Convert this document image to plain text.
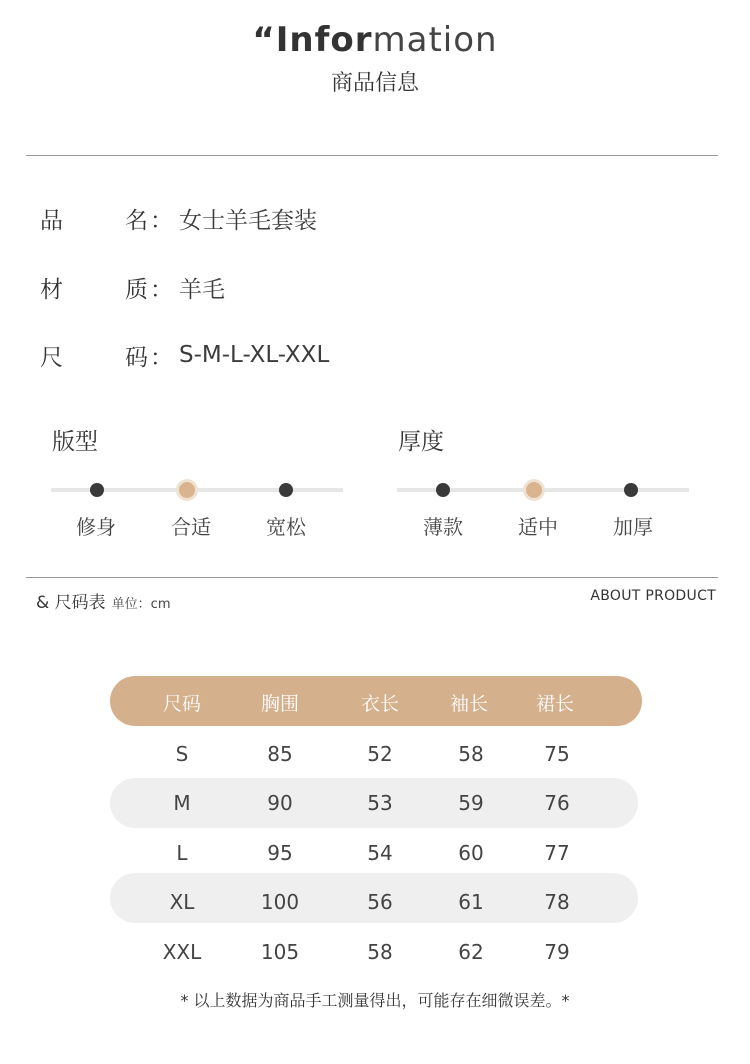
“Information
商品信息
品	名 ： 女士羊毛套装
材	质 ： 羊毛
尺	码 ： S-M-L-XL-XXL
版型
修身	合适	宽松
厚度
薄款	适中	加厚
& 尺码表 单位：cm
ABOUT PRODUCT
尺码	胸围	衣长	袖长	裙长
S	85	52	58	75
M	90	53	59	76
L	95	54	60	77
XL	100	56	61	78
XXL	105	58	62	79
* 以上数据为商品手工测量得出，可能存在细微误差。*
